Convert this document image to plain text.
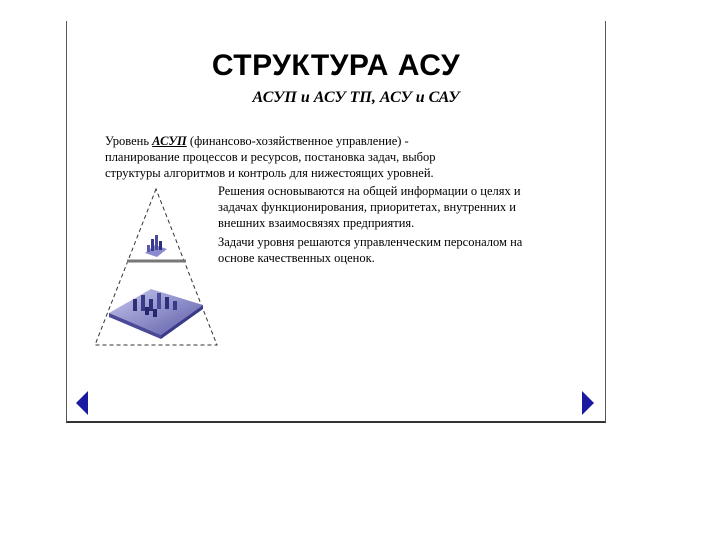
СТРУКТУРА АСУ
АСУП и АСУ ТП, АСУ и САУ
Уровень АСУП (финансово-хозяйственное управление) - планирование процессов и ресурсов, постановка задач, выбор структуры алгоритмов и контроль для нижестоящих уровней.
Решения основываются на общей информации о целях и задачах функционирования, приоритетах, внутренних и внешних взаимосвязях предприятия.
Задачи уровня решаются управленческим персоналом на основе качественных оценок.
